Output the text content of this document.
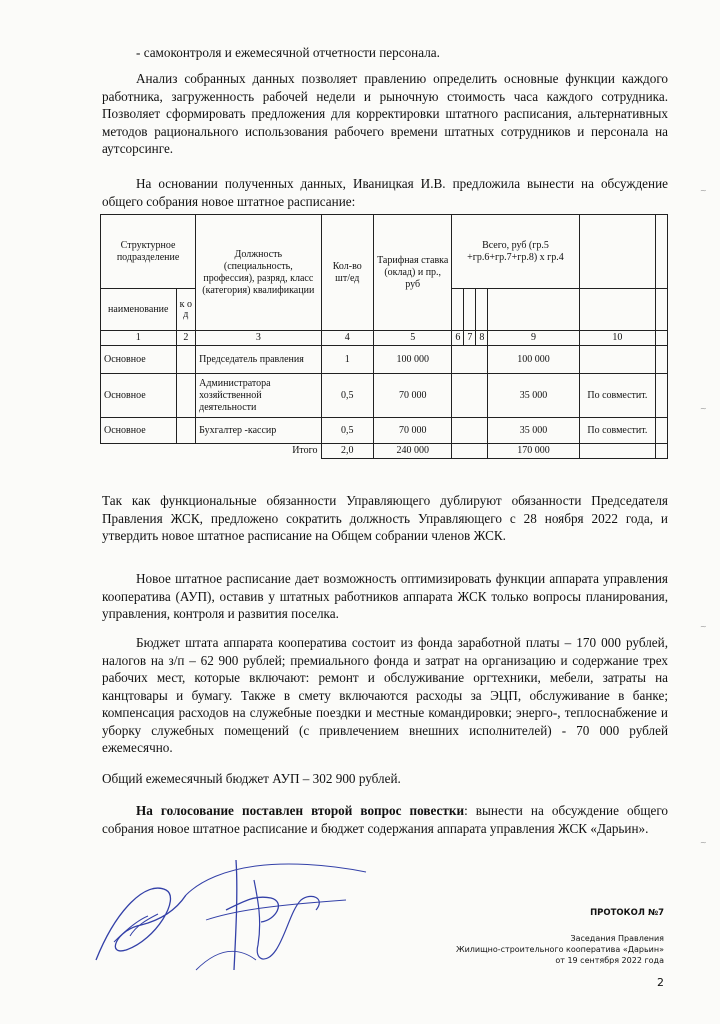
- самоконтроля и ежемесячной отчетности персонала.
Анализ собранных данных позволяет правлению определить основные функции каждого работника, загруженность рабочей недели и рыночную стоимость часа каждого сотрудника. Позволяет сформировать предложения для корректировки штатного расписания, альтернативных методов рационального использования рабочего времени штатных сотрудников и персонала на аутсорсинге.
На основании полученных данных, Иваницкая И.В. предложила вынести на обсуждение общего собрания новое штатное расписание:
Структурное подразделение		Должность (специальность, профессия), разряд, класс (категория) квалификации	Кол-во шт/ед	Тарифная ставка (оклад) и пр., руб	Всего, руб (гр.5 +гр.6+гр.7+гр.8) х гр.4					
наименование	к о д									
1	2	3	4	5	6	7	8	9	10	
Основное		Председатель правления	1	100 000				100 000		
Основное		Администратора хозяйственной деятельности	0,5	70 000				35 000	По совместит.	
Основное		Бухгалтер -кассир	0,5	70 000				35 000	По совместит.	
Итого			2,0	240 000				170 000		
Так как функциональные обязанности Управляющего дублируют обязанности Председателя Правления ЖСК, предложено сократить должность Управляющего с 28 ноября 2022 года, и утвердить новое штатное расписание на Общем собрании членов ЖСК.
Новое штатное расписание дает возможность оптимизировать функции аппарата управления кооператива (АУП), оставив у штатных работников аппарата ЖСК только вопросы планирования, управления, контроля и развития поселка.
Бюджет штата аппарата кооператива состоит из фонда заработной платы – 170 000 рублей, налогов на з/п – 62 900 рублей; премиального фонда и затрат на организацию и содержание трех рабочих мест, которые включают: ремонт и обслуживание оргтехники, мебели, затраты на канцтовары и бумагу. Также в смету включаются расходы за ЭЦП, обслуживание в банке; компенсация расходов на служебные поездки и местные командировки; энерго-, теплоснабжение и уборку служебных помещений (с привлечением внешних исполнителей) - 70 000 рублей ежемесячно.
Общий ежемесячный бюджет АУП – 302 900 рублей.
На голосование поставлен второй вопрос повестки: вынести на обсуждение общего собрания новое штатное расписание и бюджет содержания аппарата управления ЖСК «Дарьин».
ПРОТОКОЛ №7
Заседания Правления
Жилищно-строительного кооператива «Дарьин»
от 19 сентября 2022 года
2
~
~
~
~
